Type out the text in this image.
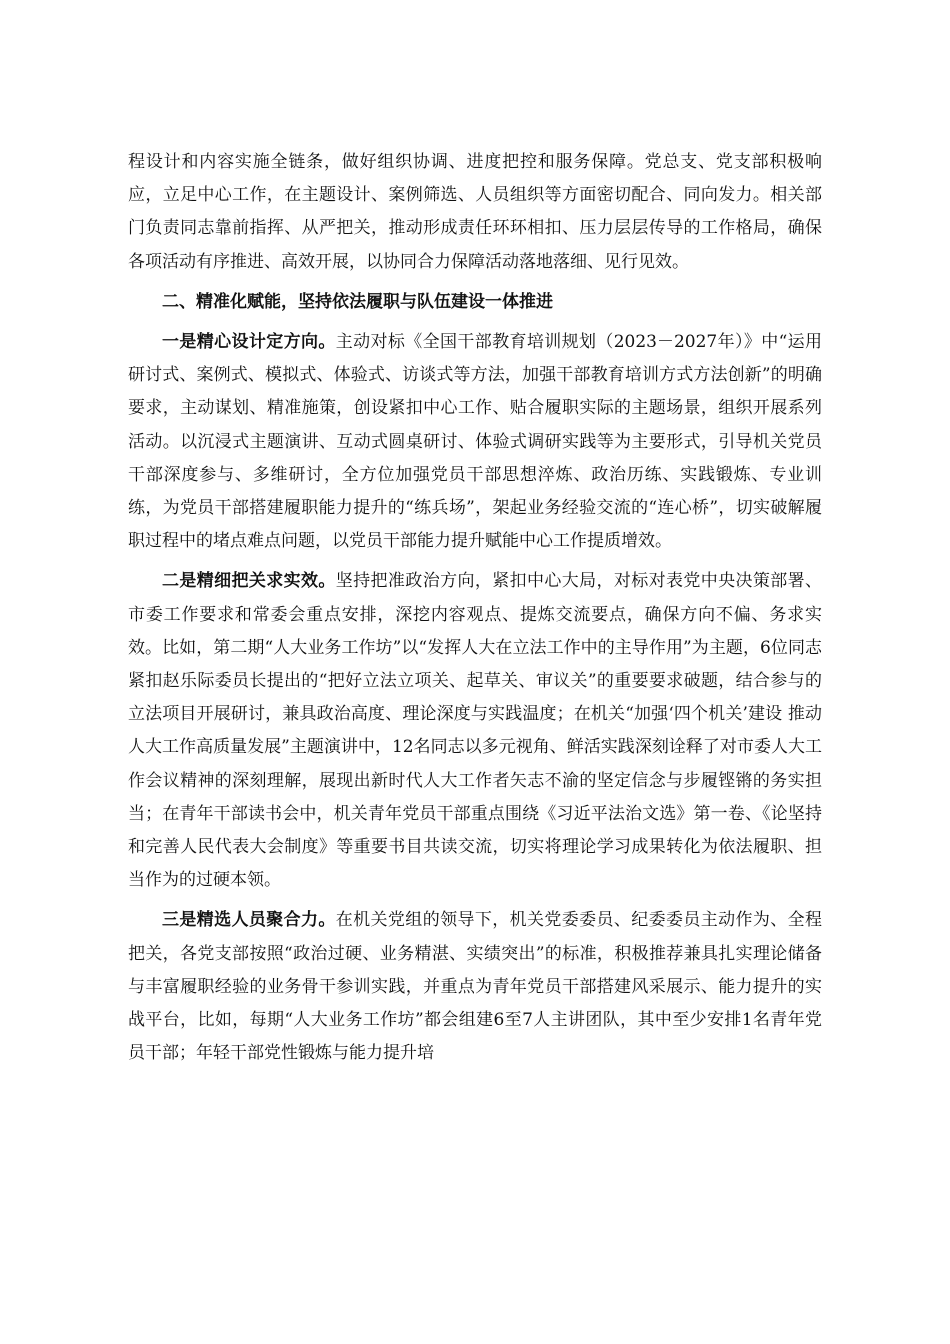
程设计和内容实施全链条，做好组织协调、进度把控和服务保障。党总支、党支部积极响应，立足中心工作，在主题设计、案例筛选、人员组织等方面密切配合、同向发力。相关部门负责同志靠前指挥、从严把关，推动形成责任环环相扣、压力层层传导的工作格局，确保各项活动有序推进、高效开展，以协同合力保障活动落地落细、见行见效。

二、精准化赋能，坚持依法履职与队伍建设一体推进

一是精心设计定方向。主动对标《全国干部教育培训规划（2023－2027年）》中“运用研讨式、案例式、模拟式、体验式、访谈式等方法，加强干部教育培训方式方法创新”的明确要求，主动谋划、精准施策，创设紧扣中心工作、贴合履职实际的主题场景，组织开展系列活动。以沉浸式主题演讲、互动式圆桌研讨、体验式调研实践等为主要形式，引导机关党员干部深度参与、多维研讨，全方位加强党员干部思想淬炼、政治历练、实践锻炼、专业训练，为党员干部搭建履职能力提升的“练兵场”，架起业务经验交流的“连心桥”，切实破解履职过程中的堵点难点问题，以党员干部能力提升赋能中心工作提质增效。

二是精细把关求实效。坚持把准政治方向，紧扣中心大局，对标对表党中央决策部署、市委工作要求和常委会重点安排，深挖内容观点、提炼交流要点，确保方向不偏、务求实效。比如，第二期“人大业务工作坊”以“发挥人大在立法工作中的主导作用”为主题，6位同志紧扣赵乐际委员长提出的“把好立法立项关、起草关、审议关”的重要要求破题，结合参与的立法项目开展研讨，兼具政治高度、理论深度与实践温度；在机关“加强‘四个机关’建设 推动人大工作高质量发展”主题演讲中，12名同志以多元视角、鲜活实践深刻诠释了对市委人大工作会议精神的深刻理解，展现出新时代人大工作者矢志不渝的坚定信念与步履铿锵的务实担当；在青年干部读书会中，机关青年党员干部重点围绕《习近平法治文选》第一卷、《论坚持和完善人民代表大会制度》等重要书目共读交流，切实将理论学习成果转化为依法履职、担当作为的过硬本领。

三是精选人员聚合力。在机关党组的领导下，机关党委委员、纪委委员主动作为、全程把关，各党支部按照“政治过硬、业务精湛、实绩突出”的标准，积极推荐兼具扎实理论储备与丰富履职经验的业务骨干参训实践，并重点为青年党员干部搭建风采展示、能力提升的实战平台，比如，每期“人大业务工作坊”都会组建6至7人主讲团队，其中至少安排1名青年党员干部；年轻干部党性锻炼与能力提升培
